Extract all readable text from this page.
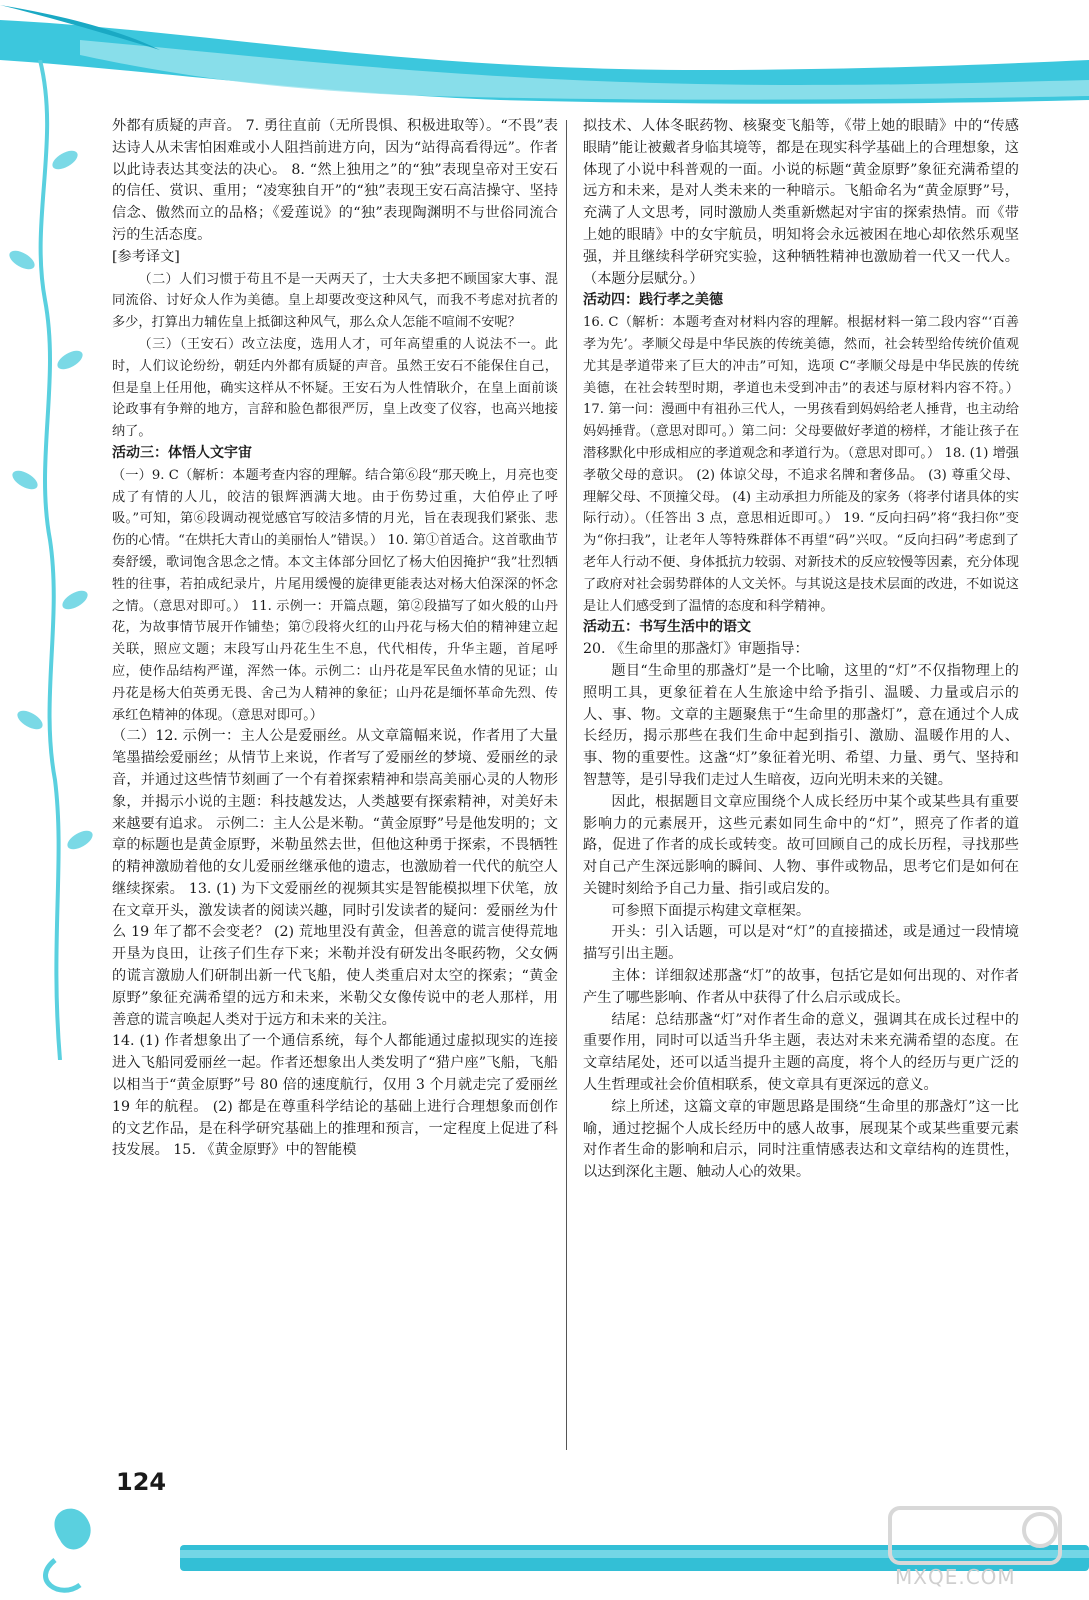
124

外都有质疑的声音。 7. 勇往直前（无所畏惧、积极进取等）。“不畏”表达诗人从未害怕困难或小人阻挡前进方向，因为“站得高看得远”。作者以此诗表达其变法的决心。 8. “然上独用之”的“独”表现皇帝对王安石的信任、赏识、重用；“凌寒独自开”的“独”表现王安石高洁操守、坚持信念、傲然而立的品格；《爱莲说》的“独”表现陶渊明不与世俗同流合污的生活态度。

[参考译文]

（二）人们习惯于苟且不是一天两天了，士大夫多把不顾国家大事、混同流俗、讨好众人作为美德。皇上却要改变这种风气，而我不考虑对抗者的多少，打算出力辅佐皇上抵御这种风气，那么众人怎能不喧闹不安呢？

（三）（王安石）改立法度，选用人才，可年高望重的人说法不一。此时，人们议论纷纷，朝廷内外都有质疑的声音。虽然王安石不能保住自己，但是皇上任用他，确实这样从不怀疑。王安石为人性情耿介，在皇上面前谈论政事有争辩的地方，言辞和脸色都很严厉，皇上改变了仪容，也高兴地接纳了。

活动三：体悟人文宇宙

（一）9. C（解析：本题考查内容的理解。结合第⑥段“那天晚上，月亮也变成了有情的人儿，皎洁的银辉洒满大地。由于伤势过重，大伯停止了呼吸。”可知，第⑥段调动视觉感官写皎洁多情的月光，旨在表现我们紧张、悲伤的心情。“在烘托大青山的美丽怡人”错误。） 10. 第①首适合。这首歌曲节奏舒缓，歌词饱含思念之情。本文主体部分回忆了杨大伯因掩护“我”壮烈牺牲的往事，若拍成纪录片，片尾用缓慢的旋律更能表达对杨大伯深深的怀念之情。（意思对即可。） 11. 示例一：开篇点题，第②段描写了如火般的山丹花，为故事情节展开作铺垫；第⑦段将火红的山丹花与杨大伯的精神建立起关联，照应文题；末段写山丹花生生不息，代代相传，升华主题，首尾呼应，使作品结构严谨，浑然一体。示例二：山丹花是军民鱼水情的见证；山丹花是杨大伯英勇无畏、舍己为人精神的象征；山丹花是缅怀革命先烈、传承红色精神的体现。（意思对即可。）

（二）12. 示例一：主人公是爱丽丝。从文章篇幅来说，作者用了大量笔墨描绘爱丽丝；从情节上来说，作者写了爱丽丝的梦境、爱丽丝的录音，并通过这些情节刻画了一个有着探索精神和崇高美丽心灵的人物形象，并揭示小说的主题：科技越发达，人类越要有探索精神，对美好未来越要有追求。 示例二：主人公是米勒。“黄金原野”号是他发明的；文章的标题也是黄金原野，米勒虽然去世，但他这种勇于探索，不畏牺牲的精神激励着他的女儿爱丽丝继承他的遗志，也激励着一代代的航空人继续探索。 13. (1) 为下文爱丽丝的视频其实是智能模拟埋下伏笔，放在文章开头，激发读者的阅读兴趣，同时引发读者的疑问：爱丽丝为什么 19 年了都不会变老？ (2) 荒地里没有黄金，但善意的谎言使得荒地开垦为良田，让孩子们生存下来；米勒并没有研发出冬眠药物，父女俩的谎言激励人们研制出新一代飞船，使人类重启对太空的探索；“黄金原野”象征充满希望的远方和未来，米勒父女像传说中的老人那样，用善意的谎言唤起人类对于远方和未来的关注。

14. (1) 作者想象出了一个通信系统，每个人都能通过虚拟现实的连接进入飞船同爱丽丝一起。作者还想象出人类发明了“猎户座”飞船，飞船以相当于“黄金原野”号 80 倍的速度航行，仅用 3 个月就走完了爱丽丝 19 年的航程。 (2) 都是在尊重科学结论的基础上进行合理想象而创作的文艺作品，是在科学研究基础上的推理和预言，一定程度上促进了科技发展。 15. 《黄金原野》中的智能模

拟技术、人体冬眠药物、核聚变飞船等，《带上她的眼睛》中的“传感眼睛”能让被戴者身临其境等，都是在现实科学基础上的合理想象，这体现了小说中科普观的一面。小说的标题“黄金原野”象征充满希望的远方和未来，是对人类未来的一种暗示。飞船命名为“黄金原野”号，充满了人文思考，同时激励人类重新燃起对宇宙的探索热情。而《带上她的眼睛》中的女宇航员，明知将会永远被困在地心却依然乐观坚强，并且继续科学研究实验，这种牺牲精神也激励着一代又一代人。（本题分层赋分。）

活动四：践行孝之美德

16. C（解析：本题考查对材料内容的理解。根据材料一第二段内容“‘百善孝为先’。孝顺父母是中华民族的传统美德，然而，社会转型给传统价值观尤其是孝道带来了巨大的冲击”可知，选项 C“孝顺父母是中华民族的传统美德，在社会转型时期，孝道也未受到冲击”的表述与原材料内容不符。） 17. 第一问：漫画中有祖孙三代人，一男孩看到妈妈给老人捶背，也主动给妈妈捶背。（意思对即可。）第二问：父母要做好孝道的榜样，才能让孩子在潜移默化中形成相应的孝道观念和孝道行为。（意思对即可。） 18. (1) 增强孝敬父母的意识。 (2) 体谅父母，不追求名牌和奢侈品。 (3) 尊重父母、理解父母、不顶撞父母。 (4) 主动承担力所能及的家务（将孝付诸具体的实际行动）。（任答出 3 点，意思相近即可。） 19. “反向扫码”将“我扫你”变为“你扫我”，让老年人等特殊群体不再望“码”兴叹。“反向扫码”考虑到了老年人行动不便、身体抵抗力较弱、对新技术的反应较慢等因素，充分体现了政府对社会弱势群体的人文关怀。与其说这是技术层面的改进，不如说这是让人们感受到了温情的态度和科学精神。

活动五：书写生活中的语文

20. 《生命里的那盏灯》审题指导：

题目“生命里的那盏灯”是一个比喻，这里的“灯”不仅指物理上的照明工具，更象征着在人生旅途中给予指引、温暖、力量或启示的人、事、物。文章的主题聚焦于“生命里的那盏灯”，意在通过个人成长经历，揭示那些在我们生命中起到指引、激励、温暖作用的人、事、物的重要性。这盏“灯”象征着光明、希望、力量、勇气、坚持和智慧等，是引导我们走过人生暗夜，迈向光明未来的关键。

因此，根据题目文章应围绕个人成长经历中某个或某些具有重要影响力的元素展开，这些元素如同生命中的“灯”，照亮了作者的道路，促进了作者的成长或转变。故可回顾自己的成长历程，寻找那些对自己产生深远影响的瞬间、人物、事件或物品，思考它们是如何在关键时刻给予自己力量、指引或启发的。

可参照下面提示构建文章框架。

开头：引入话题，可以是对“灯”的直接描述，或是通过一段情境描写引出主题。

主体：详细叙述那盏“灯”的故事，包括它是如何出现的、对作者产生了哪些影响、作者从中获得了什么启示或成长。

结尾：总结那盏“灯”对作者生命的意义，强调其在成长过程中的重要作用，同时可以适当升华主题，表达对未来充满希望的态度。在文章结尾处，还可以适当提升主题的高度，将个人的经历与更广泛的人生哲理或社会价值相联系，使文章具有更深远的意义。

综上所述，这篇文章的审题思路是围绕“生命里的那盏灯”这一比喻，通过挖掘个人成长经历中的感人故事，展现某个或某些重要元素对作者生命的影响和启示，同时注重情感表达和文章结构的连贯性，以达到深化主题、触动人心的效果。

MXQE.COM
